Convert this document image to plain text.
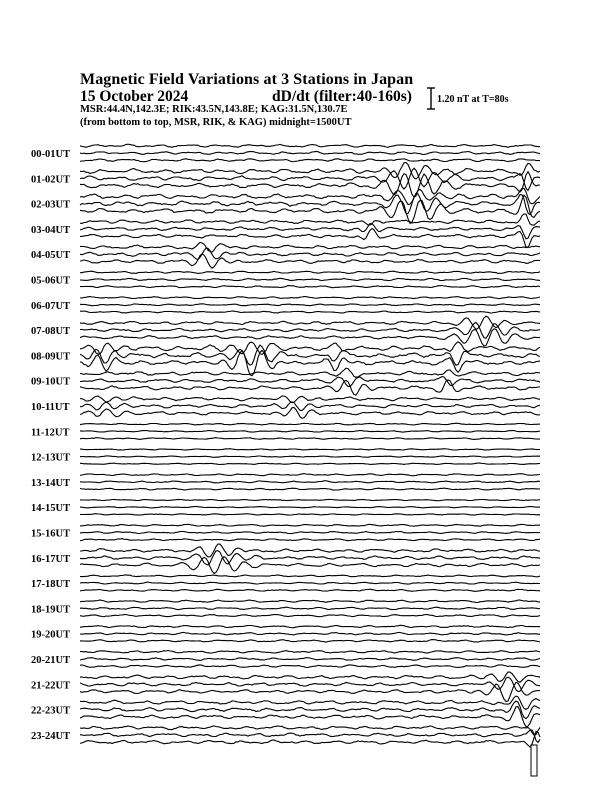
Magnetic Field Variations at 3 Stations in Japan
15 October 2024	dD/dt (filter:40-160s)
MSR:44.4N,142.3E; RIK:43.5N,143.8E; KAG:31.5N,130.7E
(from bottom to top, MSR, RIK, & KAG) midnight=1500UT
1.20 nT at T=80s
00-01UT
01-02UT
02-03UT
03-04UT
04-05UT
05-06UT
06-07UT
07-08UT
08-09UT
09-10UT
10-11UT
11-12UT
12-13UT
13-14UT
14-15UT
15-16UT
16-17UT
17-18UT
18-19UT
19-20UT
20-21UT
21-22UT
22-23UT
23-24UT
